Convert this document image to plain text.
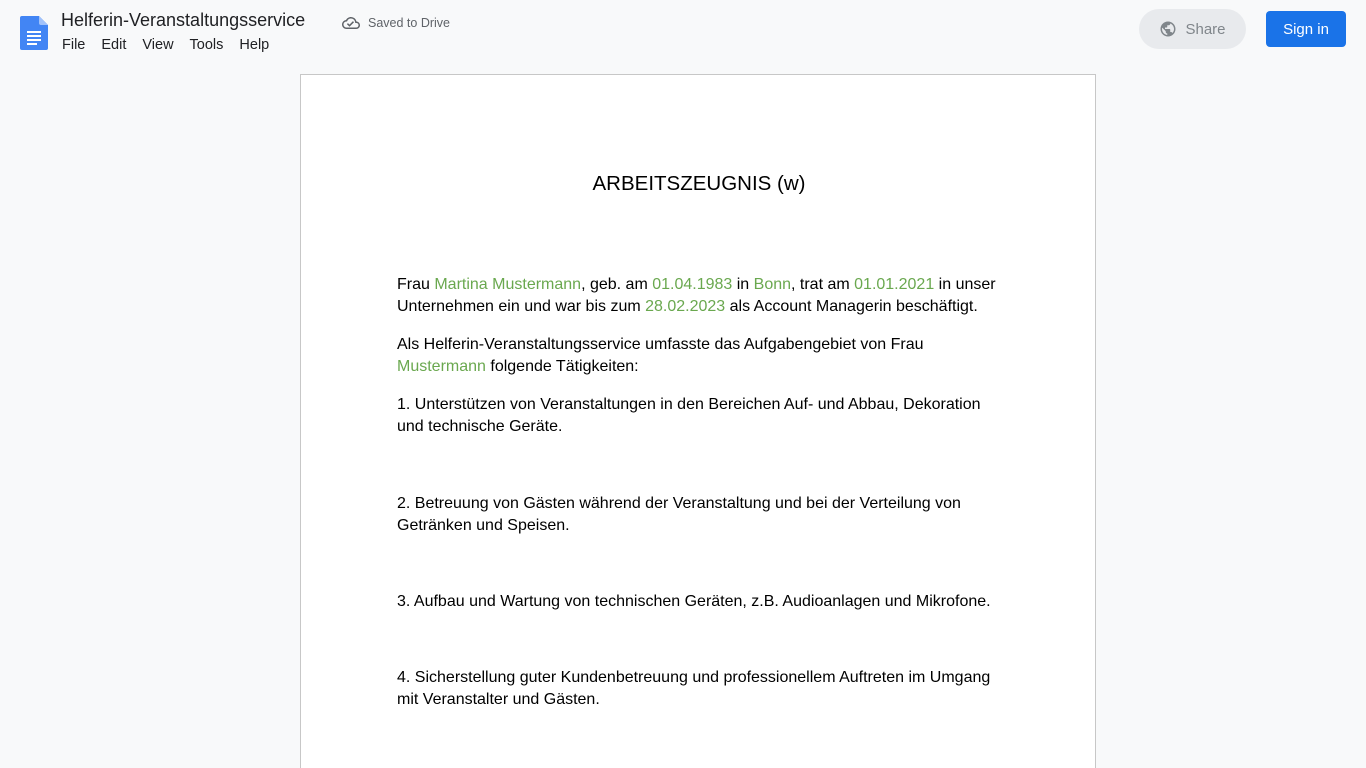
Helferin-Veranstaltungsservice	Saved to Drive
File Edit View Tools Help
Share	Sign in
ARBEITSZEUGNIS (w)

Frau Martina Mustermann, geb. am 01.04.1983 in Bonn, trat am 01.01.2021 in unser Unternehmen ein und war bis zum 28.02.2023 als Account Managerin beschäftigt.

Als Helferin-Veranstaltungsservice umfasste das Aufgabengebiet von Frau Mustermann folgende Tätigkeiten:

1. Unterstützen von Veranstaltungen in den Bereichen Auf- und Abbau, Dekoration und technische Geräte.

2. Betreuung von Gästen während der Veranstaltung und bei der Verteilung von Getränken und Speisen.

3. Aufbau und Wartung von technischen Geräten, z.B. Audioanlagen und Mikrofone.

4. Sicherstellung guter Kundenbetreuung und professionellem Auftreten im Umgang mit Veranstalter und Gästen.
